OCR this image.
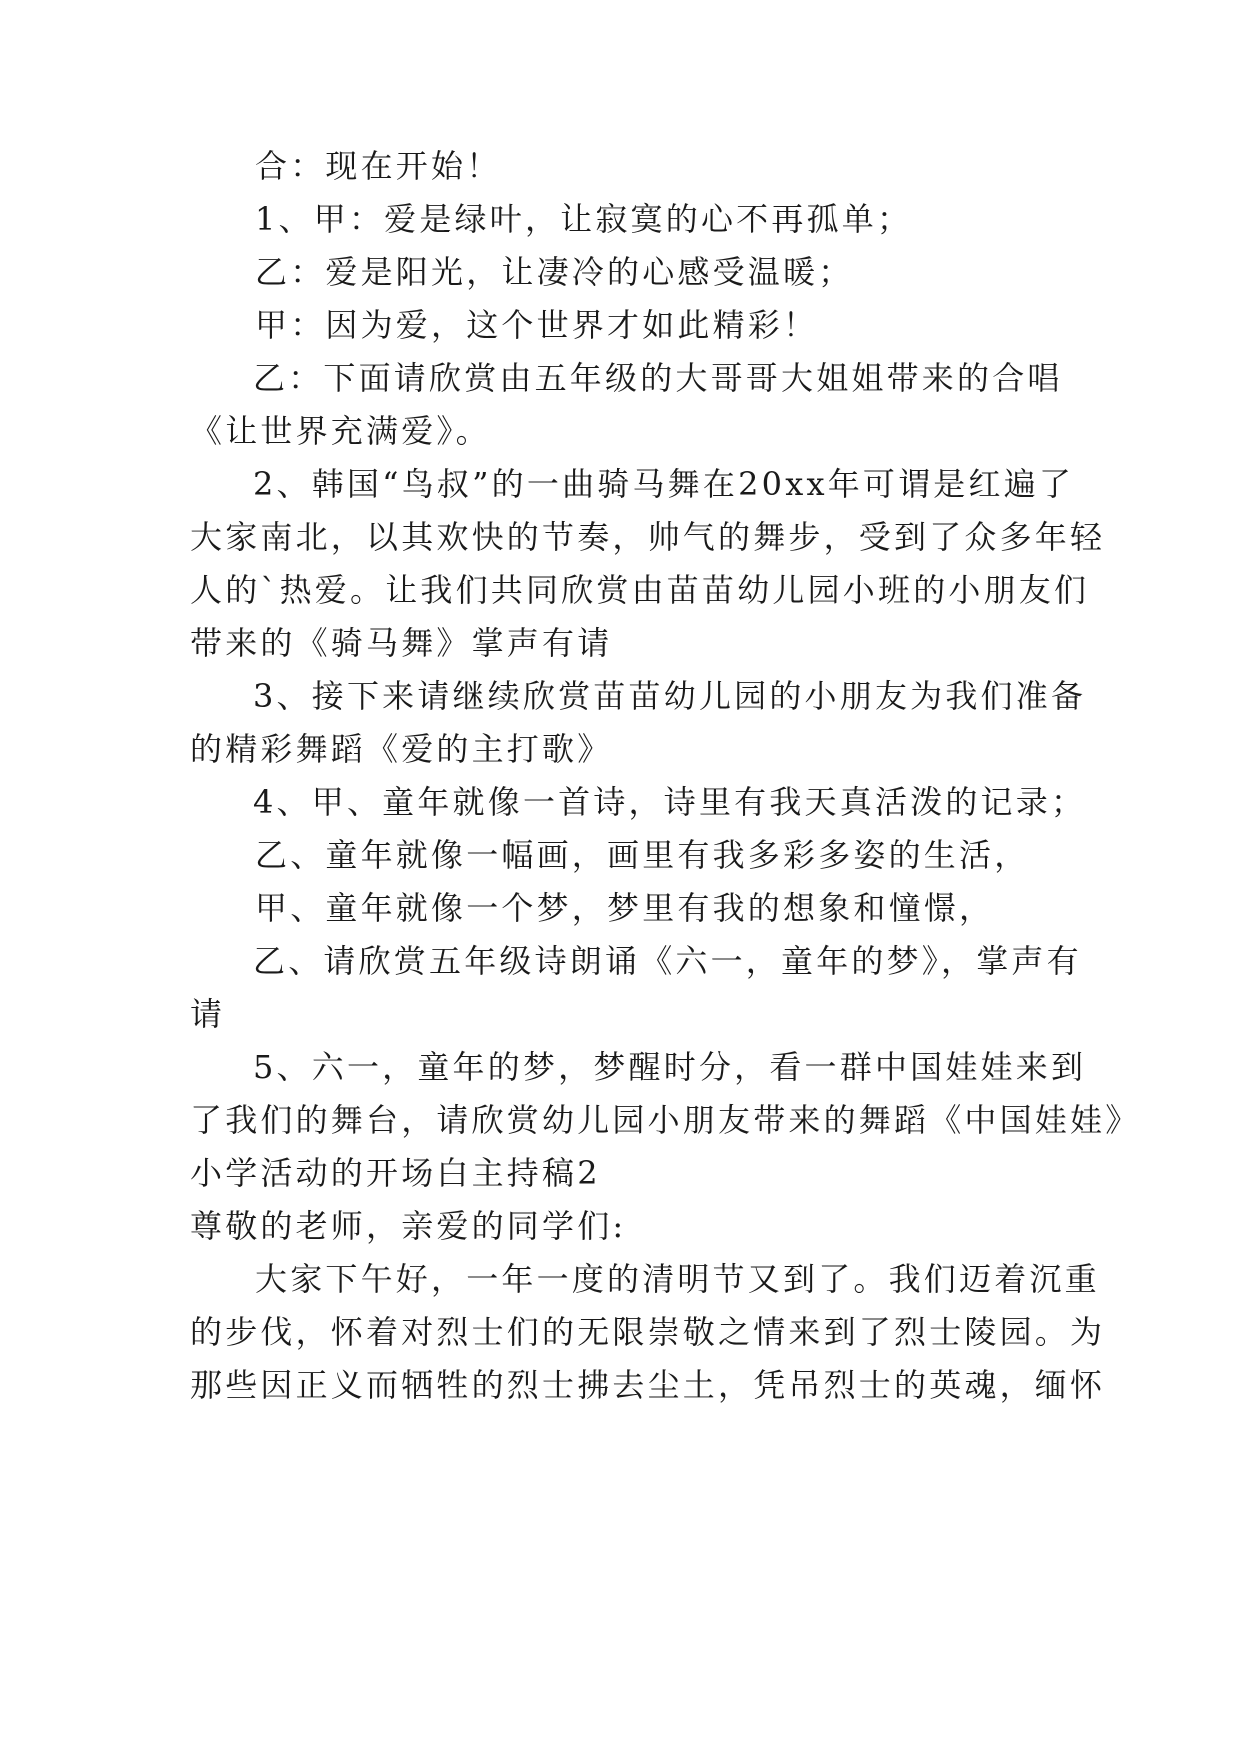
合：现在开始！
1、甲：爱是绿叶，让寂寞的心不再孤单；
乙：爱是阳光，让凄冷的心感受温暖；
甲：因为爱，这个世界才如此精彩！
乙：下面请欣赏由五年级的大哥哥大姐姐带来的合唱
《让世界充满爱》。
2、韩国“鸟叔”的一曲骑马舞在20xx年可谓是红遍了
大家南北，以其欢快的节奏，帅气的舞步，受到了众多年轻
人的`热爱。让我们共同欣赏由苗苗幼儿园小班的小朋友们
带来的《骑马舞》掌声有请
3、接下来请继续欣赏苗苗幼儿园的小朋友为我们准备
的精彩舞蹈《爱的主打歌》
4、甲、童年就像一首诗，诗里有我天真活泼的记录；
乙、童年就像一幅画，画里有我多彩多姿的生活，
甲、童年就像一个梦，梦里有我的想象和憧憬，
乙、请欣赏五年级诗朗诵《六一，童年的梦》，掌声有
请
5、六一，童年的梦，梦醒时分，看一群中国娃娃来到
了我们的舞台，请欣赏幼儿园小朋友带来的舞蹈《中国娃娃》
小学活动的开场白主持稿2
尊敬的老师，亲爱的同学们:
大家下午好，一年一度的清明节又到了。我们迈着沉重
的步伐，怀着对烈士们的无限崇敬之情来到了烈士陵园。为
那些因正义而牺牲的烈士拂去尘土，凭吊烈士的英魂，缅怀
